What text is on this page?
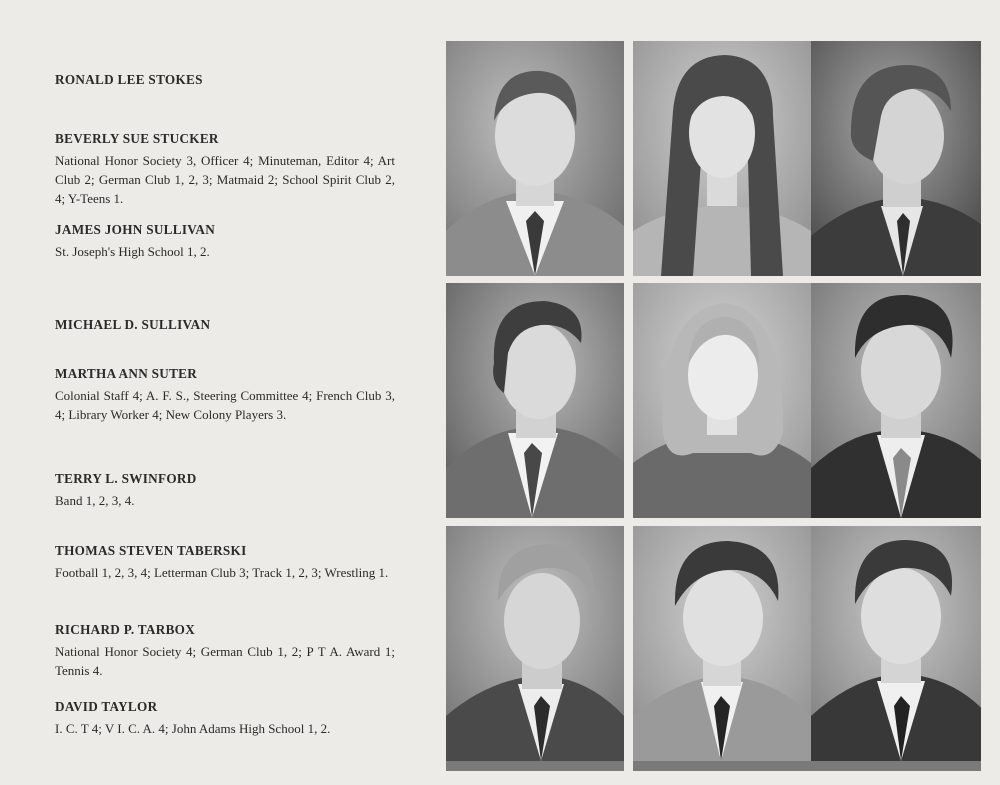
RONALD LEE STOKES

BEVERLY SUE STUCKER

National Honor Society 3, Officer 4; Minuteman, Editor 4; Art Club 2; German Club 1, 2, 3; Matmaid 2; School Spirit Club 2, 4; Y-Teens 1.

JAMES JOHN SULLIVAN

St. Joseph's High School 1, 2.

MICHAEL D. SULLIVAN

MARTHA ANN SUTER

Colonial Staff 4; A. F. S., Steering Committee 4; French Club 3, 4; Library Worker 4; New Colony Players 3.

TERRY L. SWINFORD

Band 1, 2, 3, 4.

THOMAS STEVEN TABERSKI

Football 1, 2, 3, 4; Letterman Club 3; Track 1, 2, 3; Wrestling 1.

RICHARD P. TARBOX

National Honor Society 4; German Club 1, 2; P T A. Award 1; Tennis 4.

DAVID TAYLOR

I. C. T 4; V I. C. A. 4; John Adams High School 1, 2.
